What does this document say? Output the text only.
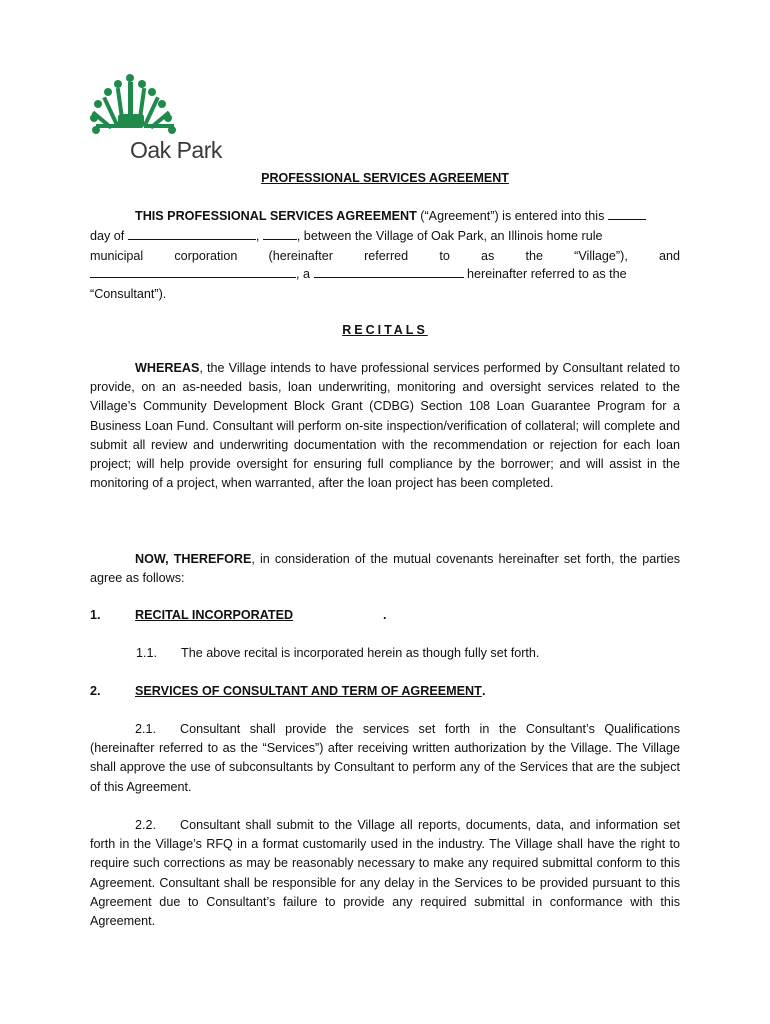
Oak Park
PROFESSIONAL SERVICES AGREEMENT
THIS PROFESSIONAL SERVICES AGREEMENT (“Agreement”) is entered into this
day of	,	, between the Village of Oak Park, an Illinois home rule

municipal corporation (hereinafter referred to as the “Village”), and

, a	hereinafter referred to as the

“Consultant”).

RECITALS

WHEREAS, the Village intends to have professional services performed by Consultant related to provide, on an as-needed basis, loan underwriting, monitoring and oversight services related to the Village’s Community Development Block Grant (CDBG) Section 108 Loan Guarantee Program for a Business Loan Fund. Consultant will perform on-site inspection/verification of collateral; will complete and submit all review and underwriting documentation with the recommendation or rejection for each loan project; will help provide oversight for ensuring full compliance by the borrower; and will assist in the monitoring of a project, when warranted, after the loan project has been completed.

NOW, THEREFORE, in consideration of the mutual covenants hereinafter set forth, the parties agree as follows:

1.	RECITAL INCORPORATED	.
1.1. The above recital is incorporated herein as though fully set forth.
2.	SERVICES OF CONSULTANT AND TERM OF AGREEMENT .

2.1. Consultant shall provide the services set forth in the Consultant’s Qualifications (hereinafter referred to as the “Services”) after receiving written authorization by the Village. The Village shall approve the use of subconsultants by Consultant to perform any of the Services that are the subject of this Agreement.

2.2. Consultant shall submit to the Village all reports, documents, data, and information set forth in the Village’s RFQ in a format customarily used in the industry. The Village shall have the right to require such corrections as may be reasonably necessary to make any required submittal conform to this Agreement. Consultant shall be responsible for any delay in the Services to be provided pursuant to this Agreement due to Consultant’s failure to provide any required submittal in conformance with this Agreement.
